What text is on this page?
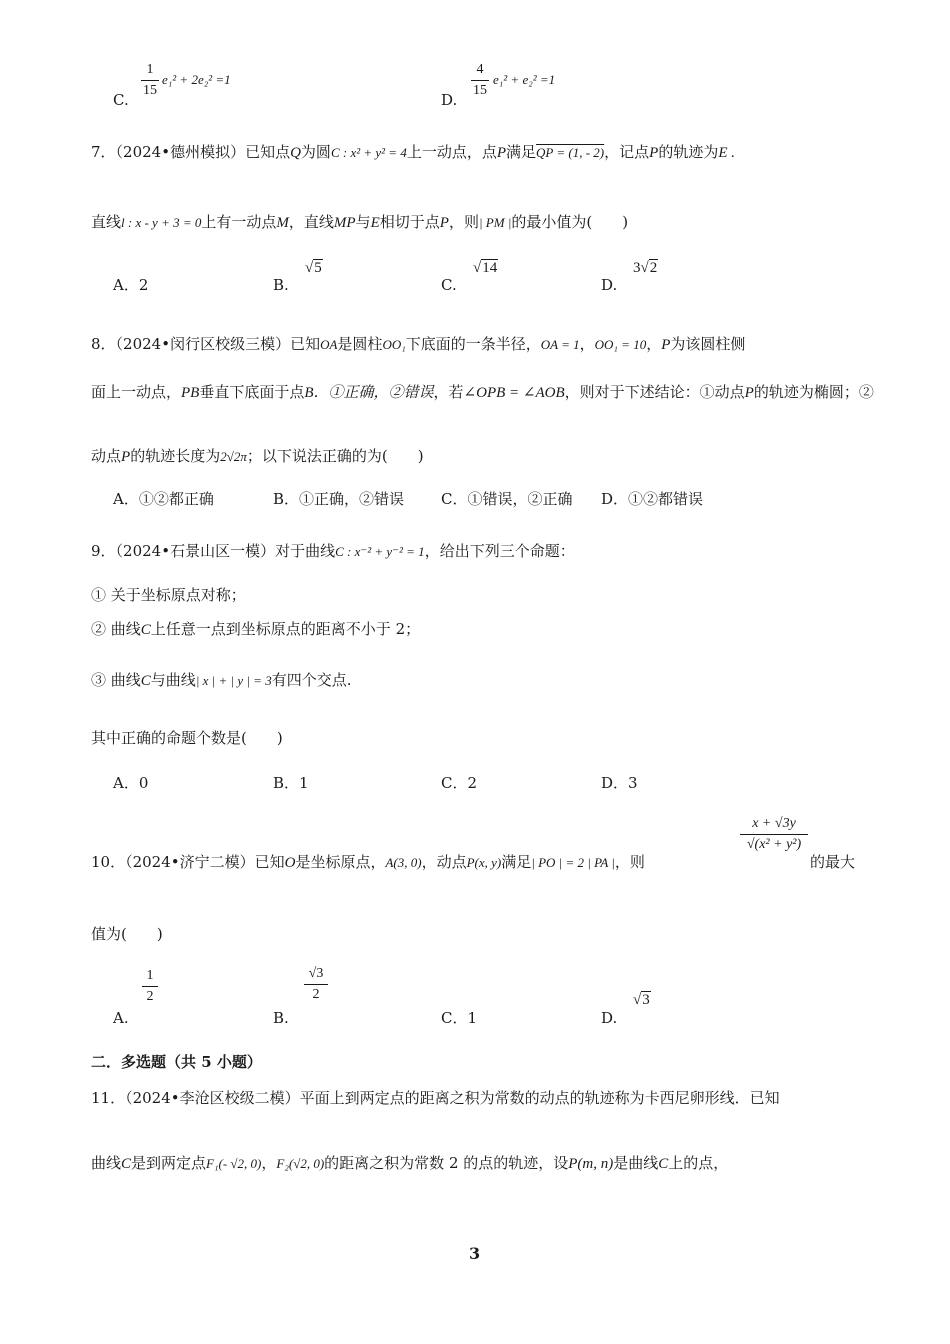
1
15
C.
e₁² + 2e₂² =1
4
15
D.
e₁² + e₂² =1
7．（2024•德州模拟）已知点Q为圆C : x² + y² = 4上一动点，点P满足QP = (1, - 2)，记点P的轨迹为E .
直线l : x - y + 3 = 0上有一动点M，直线MP与E相切于点P，则| PM |的最小值为(　　)
A．2	B.
√5
C.
√14
D.
3√2
8．（2024•闵行区校级三模）已知OA是圆柱OO₁下底面的一条半径，OA = 1，OO₁ = 10，P为该圆柱侧
面上一动点，PB垂直下底面于点B．①正确，②错误，若∠OPB = ∠AOB，则对于下述结论：①动点P的轨迹为椭圆；②
动点P的轨迹长度为2√2π；以下说法正确的为(　　)
A．①②都正确	B．①正确，②错误 C．①错误，②正确 D．①②都错误
9．（2024•石景山区一模）对于曲线C : x⁻² + y⁻² = 1，给出下列三个命题：
① 关于坐标原点对称；
② 曲线C上任意一点到坐标原点的距离不小于 2；
③ 曲线C与曲线| x | + | y | = 3有四个交点.
其中正确的命题个数是(　　)
A．0	B．1	C．2	D．3
10．（2024•济宁二模）已知O是坐标原点，A(3, 0)，动点P(x, y)满足| PO | = 2 | PA |，则
x + √3y
√(x² + y²)
的最大
值为(　　)
1
2
A.
√3
2
B.	C．1	D.
√3
二．多选题（共 5 小题）
11．（2024•李沧区校级二模）平面上到两定点的距离之积为常数的动点的轨迹称为卡西尼卵形线．已知
曲线C是到两定点F₁(- √2, 0)，F₂(√2, 0)的距离之积为常数 2 的点的轨迹，设P(m, n)是曲线C上的点，
3
